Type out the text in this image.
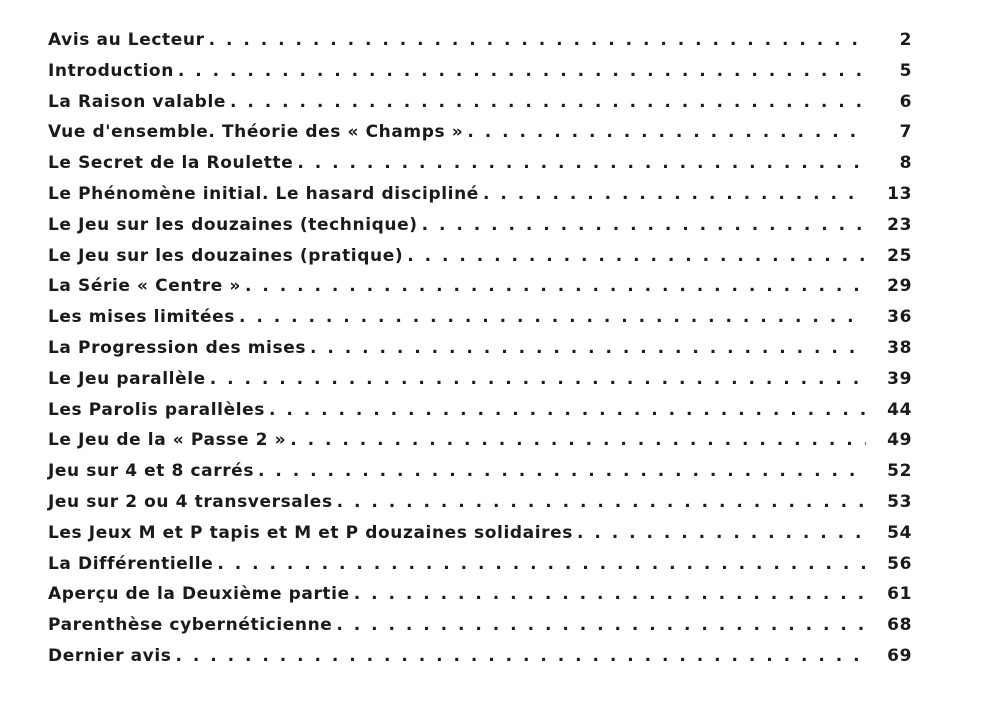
Avis au Lecteur . . .	2
Introduction . . .	5
La Raison valable . . .	6
Vue d'ensemble. Théorie des « Champs » . . .	7
Le Secret de la Roulette . . .	8
Le Phénomène initial. Le hasard discipliné . . .	13
Le Jeu sur les douzaines (technique) . . .	23
Le Jeu sur les douzaines (pratique) . . .	25
La Série « Centre » . . .	29
Les mises limitées . . .	36
La Progression des mises . . .	38
Le Jeu parallèle . . .	39
Les Parolis parallèles . . .	44
Le Jeu de la « Passe 2 » . . .	49
Jeu sur 4 et 8 carrés . . .	52
Jeu sur 2 ou 4 transversales . . .	53
Les Jeux M et P tapis et M et P douzaines solidaires . . .	54
La Différentielle . . .	56
Aperçu de la Deuxième partie . . .	61
Parenthèse cybernéticienne . . .	68
Dernier avis . . .	69
